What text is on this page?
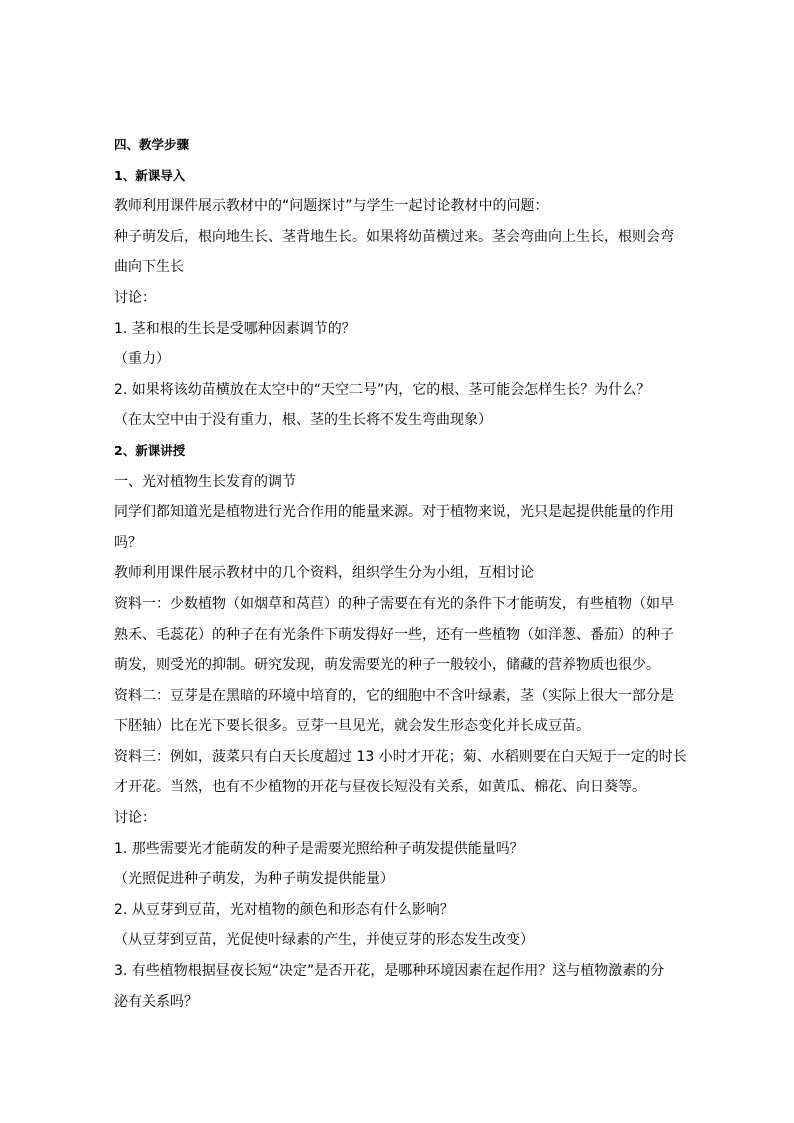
四、教学步骤
1、新课导入
教师利用课件展示教材中的“问题探讨”与学生一起讨论教材中的问题：
种子萌发后，根向地生长、茎背地生长。如果将幼苗横过来。茎会弯曲向上生长，根则会弯
曲向下生长
讨论：
1. 茎和根的生长是受哪种因素调节的？
（重力）
2. 如果将该幼苗横放在太空中的“天空二号”内，它的根、茎可能会怎样生长？为什么？
（在太空中由于没有重力，根、茎的生长将不发生弯曲现象）
2、新课讲授
一、光对植物生长发育的调节
同学们都知道光是植物进行光合作用的能量来源。对于植物来说，光只是起提供能量的作用
吗？
教师利用课件展示教材中的几个资料，组织学生分为小组，互相讨论
资料一：少数植物（如烟草和莴苣）的种子需要在有光的条件下才能萌发，有些植物（如早
熟禾、毛蕊花）的种子在有光条件下萌发得好一些，还有一些植物（如洋葱、番茄）的种子
萌发，则受光的抑制。研究发现，萌发需要光的种子一般较小，储藏的营养物质也很少。
资料二：豆芽是在黑暗的环境中培育的，它的细胞中不含叶绿素，茎（实际上很大一部分是
下胚轴）比在光下要长很多。豆芽一旦见光，就会发生形态变化并长成豆苗。
资料三：例如，菠菜只有白天长度超过 13 小时才开花；菊、水稻则要在白天短于一定的时长
才开花。当然，也有不少植物的开花与昼夜长短没有关系，如黄瓜、棉花、向日葵等。
讨论：
1. 那些需要光才能萌发的种子是需要光照给种子萌发提供能量吗？
（光照促进种子萌发，为种子萌发提供能量）
2. 从豆芽到豆苗，光对植物的颜色和形态有什么影响？
（从豆芽到豆苗，光促使叶绿素的产生，并使豆芽的形态发生改变）
3. 有些植物根据昼夜长短“决定”是否开花，是哪种环境因素在起作用？这与植物激素的分
泌有关系吗？
